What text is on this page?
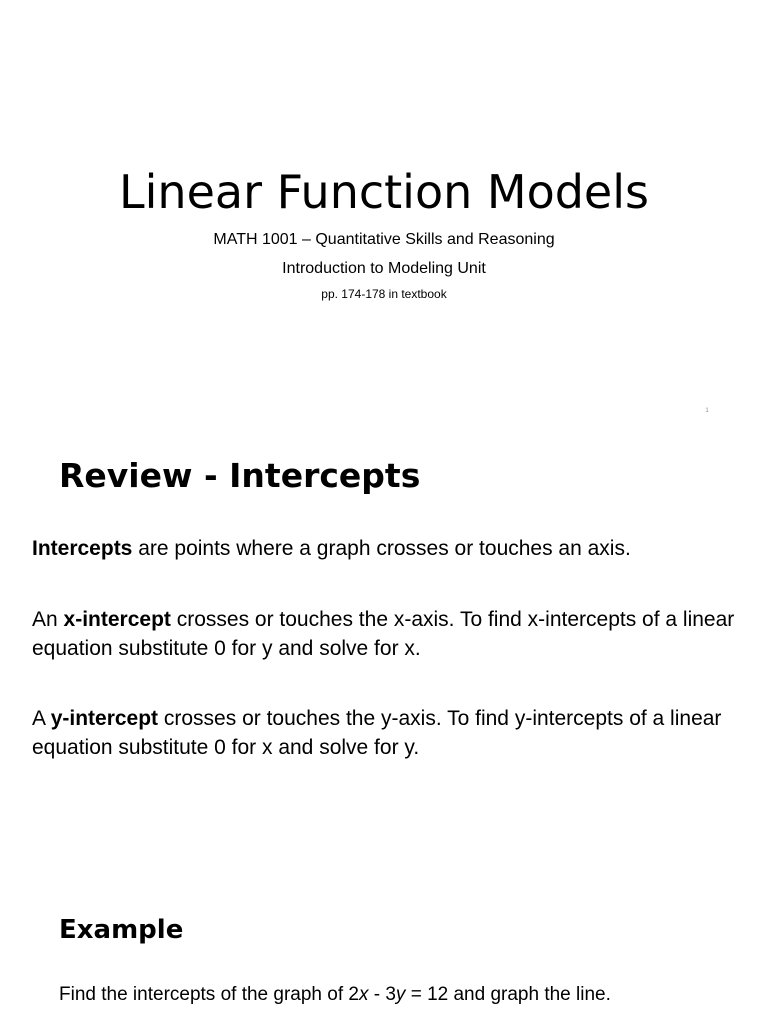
Linear Function Models
MATH 1001 – Quantitative Skills and Reasoning
Introduction to Modeling Unit
pp. 174-178 in textbook
1
Review - Intercepts
Intercepts are points where a graph crosses or touches an axis.
An x-intercept crosses or touches the x-axis. To find x-intercepts of a linear equation substitute 0 for y and solve for x.
A y-intercept crosses or touches the y-axis. To find y-intercepts of a linear equation substitute 0 for x and solve for y.
Example
Find the intercepts of the graph of 2x - 3y = 12 and graph the line.
